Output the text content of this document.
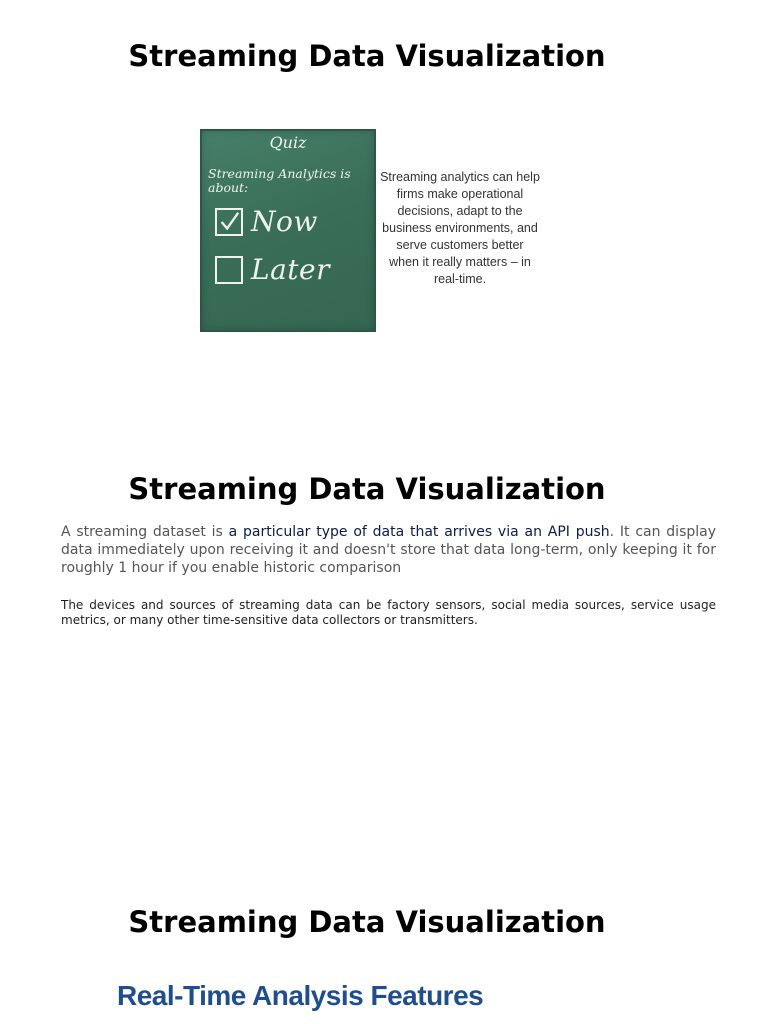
Streaming Data Visualization
Quiz
Streaming Analytics is about:
Now
Later
Streaming analytics can help firms make operational decisions, adapt to the business environments, and serve customers better when it really matters – in real-time.
Streaming Data Visualization

A streaming dataset is a particular type of data that arrives via an API push. It can display data immediately upon receiving it and doesn't store that data long-term, only keeping it for roughly 1 hour if you enable historic comparison

The devices and sources of streaming data can be factory sensors, social media sources, service usage metrics, or many other time-sensitive data collectors or transmitters.

Streaming Data Visualization
Real-Time Analysis Features
